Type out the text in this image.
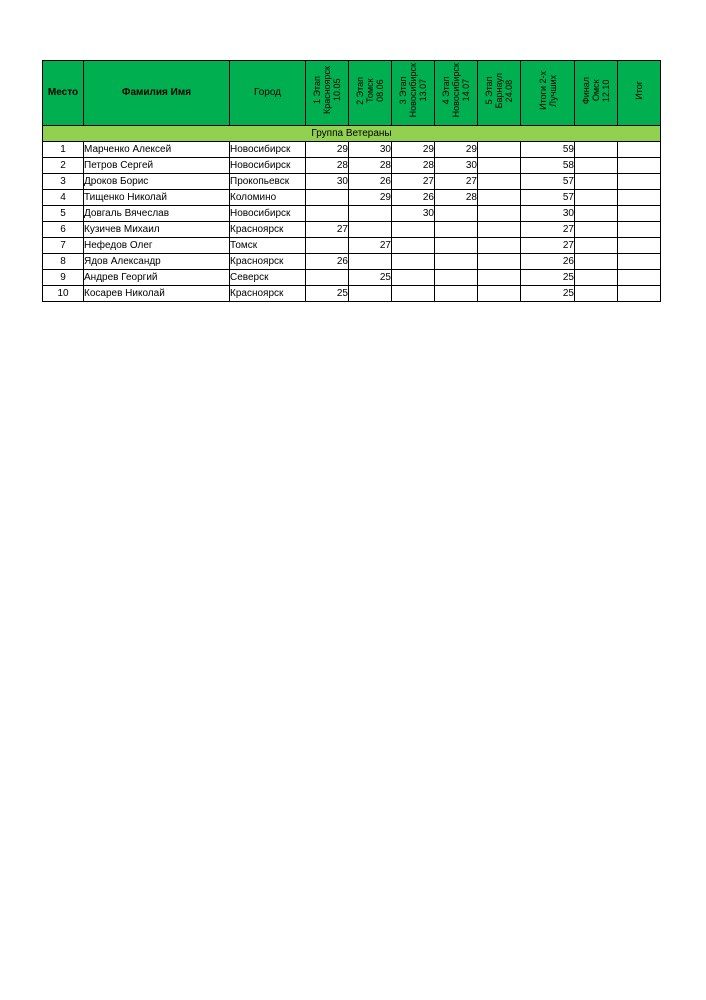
Место	Фамилия Имя	Город	1 Этап
Красноярск
10.05	2 Этап
Томск
08.06	3 Этап
Новосибирск
13.07	4 Этап
Новосибирск
14.07	5 Этап
Барнаул
24.08	Итоги 2-х
Лучших	Финал
Омск
12.10	Итог
Группа Ветераны										
1	Марченко Алексей	Новосибирск	29	30	29	29		59		
2	Петров Сергей	Новосибирск	28	28	28	30		58		
3	Дроков Борис	Прокопьевск	30	26	27	27		57		
4	Тищенко Николай	Коломино		29	26	28		57		
5	Довгаль Вячеслав	Новосибирск			30			30		
6	Кузичев Михаил	Красноярск	27					27		
7	Нефедов Олег	Томск		27				27		
8	Ядов Александр	Красноярск	26					26		
9	Андрев Георгий	Северск		25				25		
10	Косарев Николай	Красноярск	25					25		
